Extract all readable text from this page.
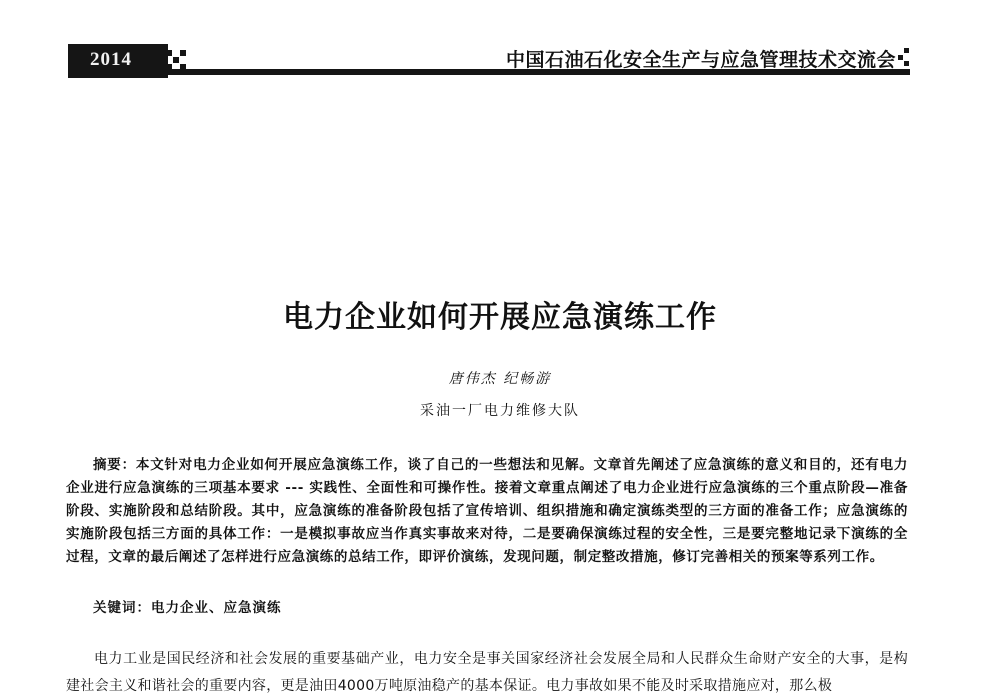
2014	中国石油石化安全生产与应急管理技术交流会
电力企业如何开展应急演练工作
唐伟杰 纪畅游
采油一厂电力维修大队
摘要：本文针对电力企业如何开展应急演练工作，谈了自己的一些想法和见解。文章首先阐述了应急演练的意义和目的，还有电力企业进行应急演练的三项基本要求 --- 实践性、全面性和可操作性。接着文章重点阐述了电力企业进行应急演练的三个重点阶段—准备阶段、实施阶段和总结阶段。其中，应急演练的准备阶段包括了宣传培训、组织措施和确定演练类型的三方面的准备工作；应急演练的实施阶段包括三方面的具体工作：一是模拟事故应当作真实事故来对待，二是要确保演练过程的安全性，三是要完整地记录下演练的全过程，文章的最后阐述了怎样进行应急演练的总结工作，即评价演练，发现问题，制定整改措施，修订完善相关的预案等系列工作。
关键词：电力企业、应急演练
电力工业是国民经济和社会发展的重要基础产业，电力安全是事关国家经济社会发展全局和人民群众生命财产安全的大事，是构建社会主义和谐社会的重要内容，更是油田4000万吨原油稳产的基本保证。电力事故如果不能及时采取措施应对，那么极
